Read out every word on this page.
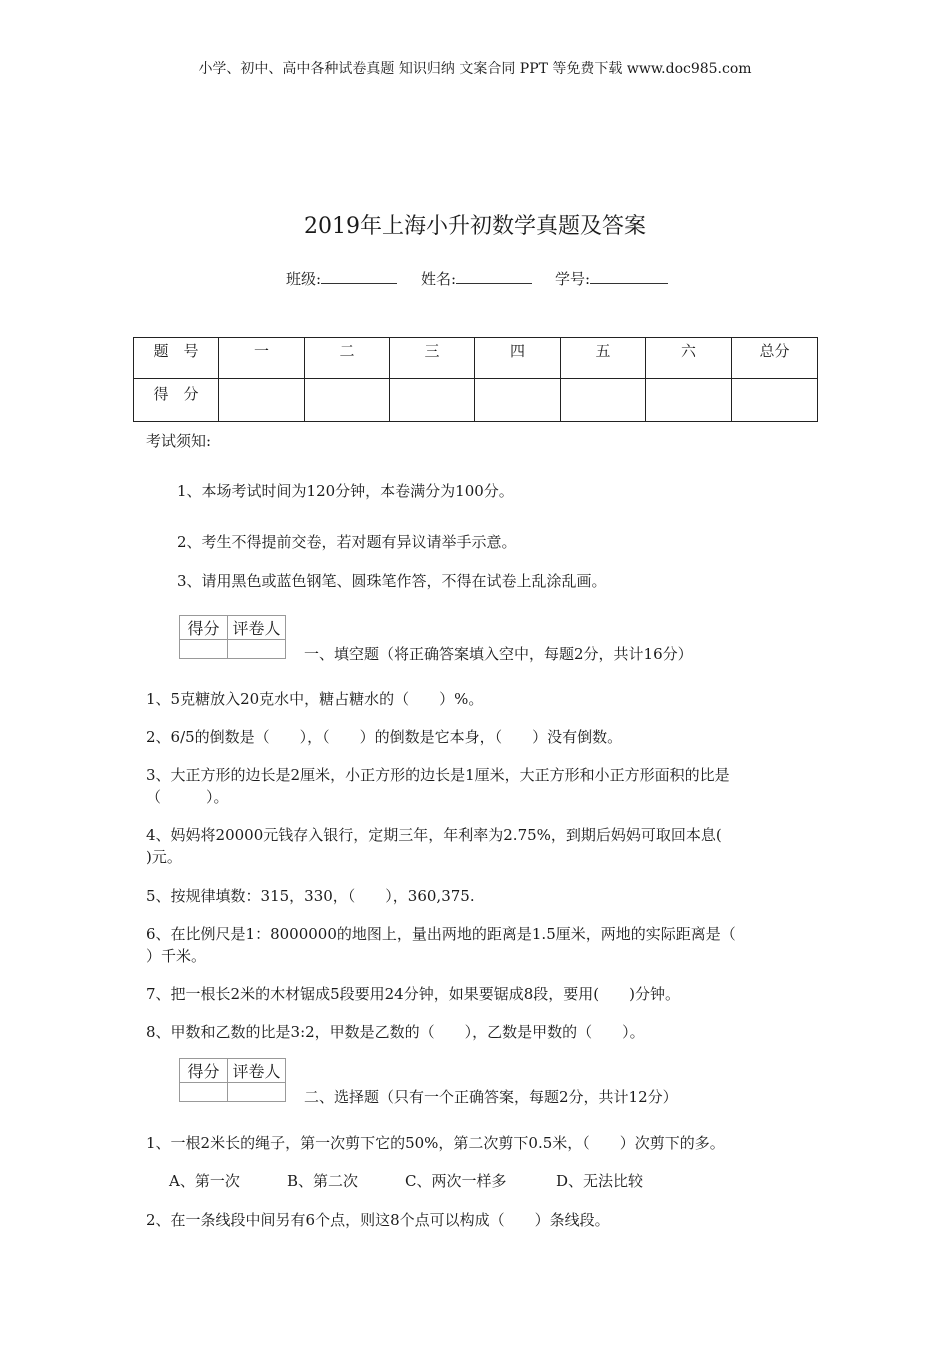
小学、初中、高中各种试卷真题 知识归纳 文案合同 PPT 等免费下载 www.doc985.com
2019年上海小升初数学真题及答案
班级:	姓名:	学号:
题　号	一	二	三	四	五	六	总分
得　分							
考试须知:
1、本场考试时间为120分钟，本卷满分为100分。
2、考生不得提前交卷，若对题有异议请举手示意。
3、请用黑色或蓝色钢笔、圆珠笔作答，不得在试卷上乱涂乱画。
得分	评卷人

一、填空题（将正确答案填入空中，每题2分，共计16分）
1、5克糖放入20克水中，糖占糖水的（　　）%。
2、6/5的倒数是（　　），（　　）的倒数是它本身，（　　）没有倒数。
3、大正方形的边长是2厘米，小正方形的边长是1厘米，大正方形和小正方形面积的比是
（　　　）。
4、妈妈将20000元钱存入银行，定期三年，年利率为2.75%，到期后妈妈可取回本息(
)元。
5、按规律填数：315，330，（　　），360,375.
6、在比例尺是1：8000000的地图上，量出两地的距离是1.5厘米，两地的实际距离是（
）千米。
7、把一根长2米的木材锯成5段要用24分钟，如果要锯成8段，要用(　　)分钟。
8、甲数和乙数的比是3:2，甲数是乙数的（　　），乙数是甲数的（　　）。
得分	评卷人

二、选择题（只有一个正确答案，每题2分，共计12分）
1、一根2米长的绳子，第一次剪下它的50%，第二次剪下0.5米，（　　）次剪下的多。
A、第一次	B、第二次	C、两次一样多	D、无法比较
2、在一条线段中间另有6个点，则这8个点可以构成（　　）条线段。
